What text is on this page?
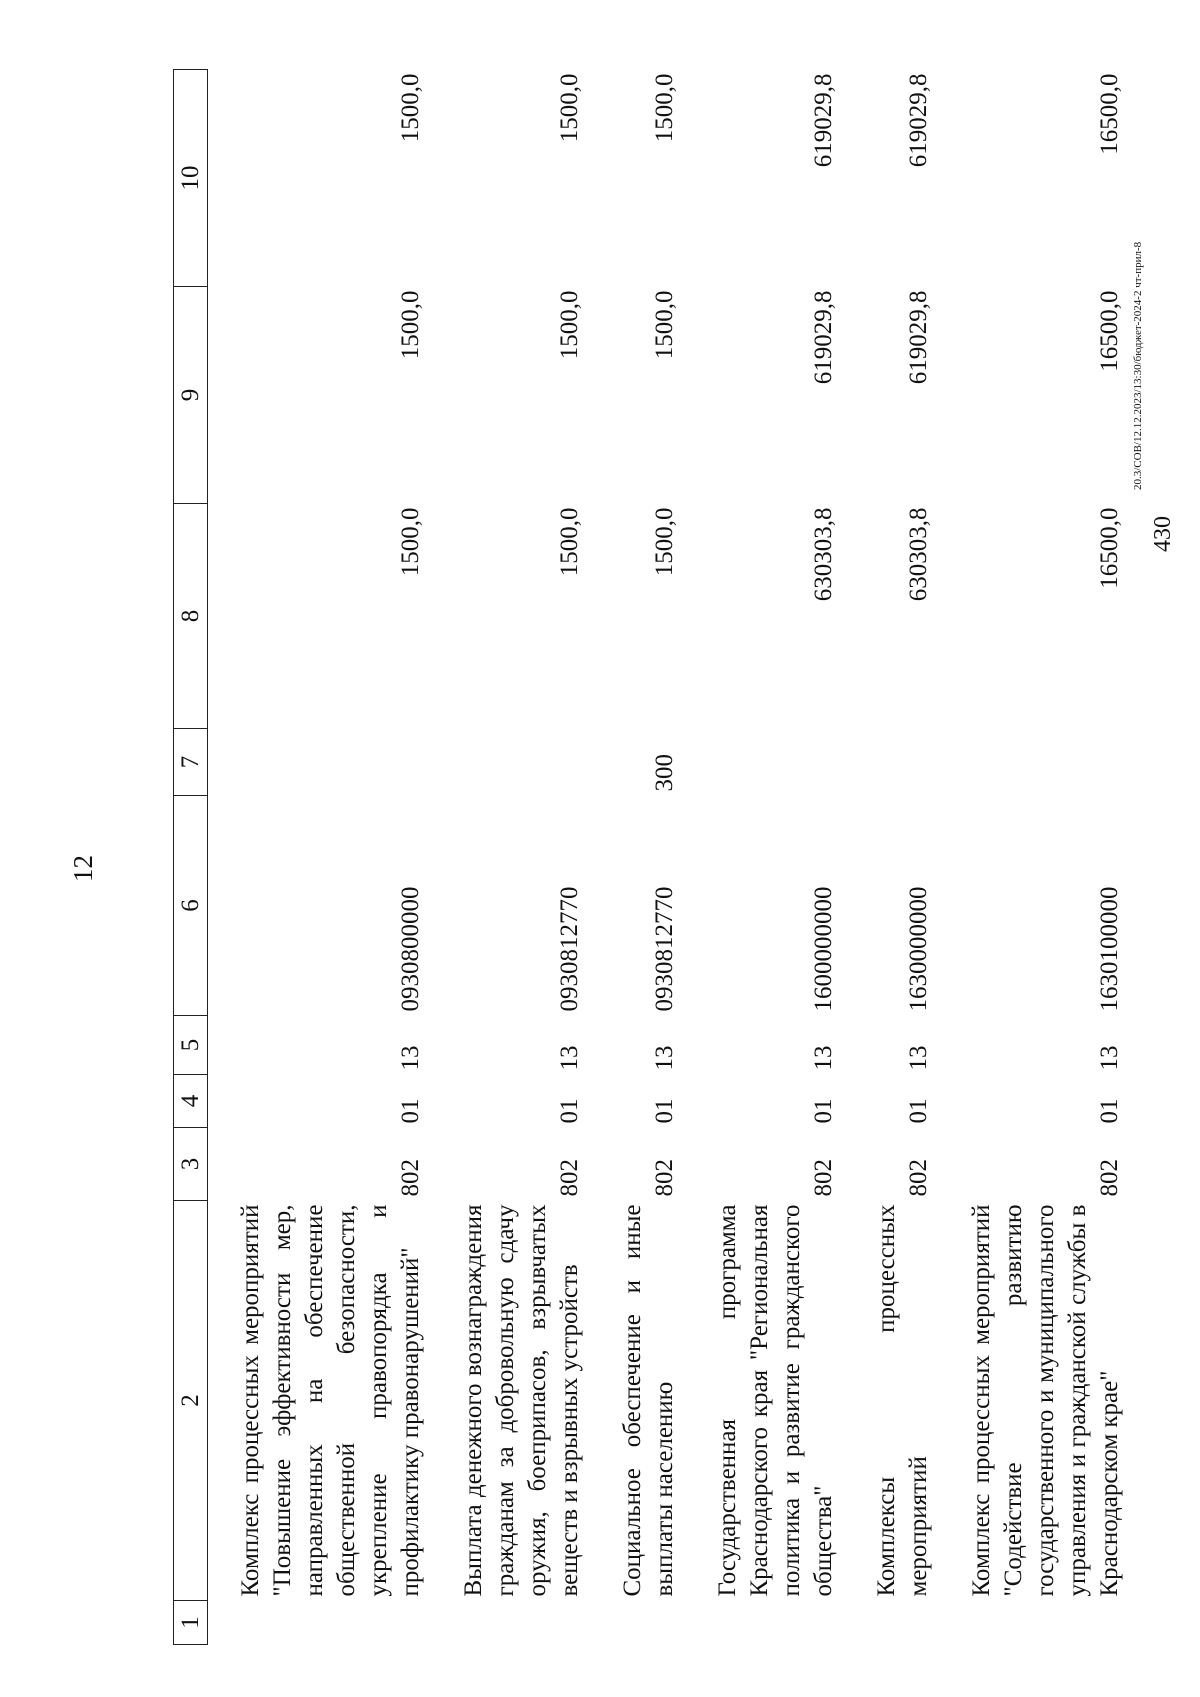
12
1	2	3	4	5	6	7	8	9	10
	Комплекс процессных мероприятий "Повышение эффективности мер, направленных на обеспечение общественной безопасности, укрепление правопорядка и профилактику правонарушений"	802	01	13	0930800000		1500,0	1500,0	1500,0
	Выплата денежного вознаграждения гражданам за добровольную сдачу оружия, боеприпасов, взрывчатых веществ и взрывных устройств	802	01	13	0930812770		1500,0	1500,0	1500,0
	Социальное обеспечение и иные выплаты населению	802	01	13	0930812770	300	1500,0	1500,0	1500,0
	Государственная программа Краснодарского края "Региональная политика и развитие гражданского общества"	802	01	13	1600000000		630303,8	619029,8	619029,8
	Комплексы процессных мероприятий	802	01	13	1630000000		630303,8	619029,8	619029,8
	Комплекс процессных мероприятий "Содействие развитию государственного и муниципального управления и гражданской службы в Краснодарском крае"	802	01	13	1630100000		16500,0	16500,0	16500,0
20.3/СОВ/12.12.2023/13:30/бюджет-2024-2 чт-прил-8
430
